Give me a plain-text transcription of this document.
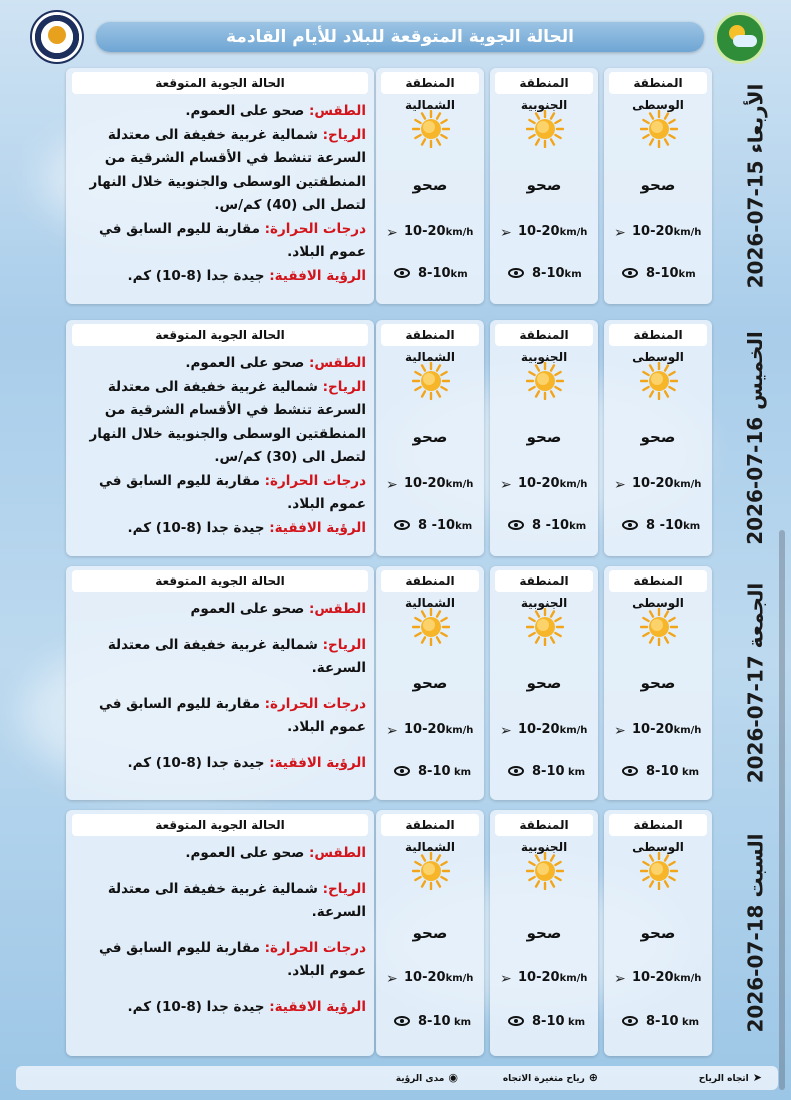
الحالة الجوية المتوقعة للبلاد للأيام القادمة
الأربعاء 15-07-2026
المنطقة الوسطى
صحو
➢ 10-20km/h
8-10km
المنطقة الجنوبية
صحو
➢ 10-20km/h
8-10km
المنطقة الشمالية
صحو
➢ 10-20km/h
8-10km
الحالة الجوية المتوقعة
الطقس: صحو على العموم.
الرياح: شمالية غربية خفيفة الى معتدلة السرعة تنشط في الأقسام الشرقية من المنطقتين الوسطى والجنوبية خلال النهار لتصل الى (40) كم/س.
درجات الحرارة: مقاربة لليوم السابق في عموم البلاد.
الرؤية الافقية: جيدة جدا (8-10) كم.
الخميس 16-07-2026
المنطقة الوسطى
صحو
➢ 10-20km/h
8 -10km
المنطقة الجنوبية
صحو
➢ 10-20km/h
8 -10km
المنطقة الشمالية
صحو
➢ 10-20km/h
8 -10km
الحالة الجوية المتوقعة
الطقس: صحو على العموم.
الرياح: شمالية غربية خفيفة الى معتدلة السرعة تنشط في الأقسام الشرقية من المنطقتين الوسطى والجنوبية خلال النهار لتصل الى (30) كم/س.
درجات الحرارة: مقاربة لليوم السابق في عموم البلاد.
الرؤية الافقية: جيدة جدا (8-10) كم.
الجمعة 17-07-2026
المنطقة الوسطى
صحو
➢ 10-20km/h
8-10 km
المنطقة الجنوبية
صحو
➢ 10-20km/h
8-10 km
المنطقة الشمالية
صحو
➢ 10-20km/h
8-10 km
الحالة الجوية المتوقعة
الطقس: صحو على العموم
الرياح: شمالية غربية خفيفة الى معتدلة السرعة.
درجات الحرارة: مقاربة لليوم السابق في عموم البلاد.
الرؤية الافقية: جيدة جدا (8-10) كم.
السبت 18-07-2026
المنطقة الوسطى
صحو
➢ 10-20km/h
8-10 km
المنطقة الجنوبية
صحو
➢ 10-20km/h
8-10 km
المنطقة الشمالية
صحو
➢ 10-20km/h
8-10 km
الحالة الجوية المتوقعة
الطقس: صحو على العموم.
الرياح: شمالية غربية خفيفة الى معتدلة السرعة.
درجات الحرارة: مقاربة لليوم السابق في عموم البلاد.
الرؤية الافقية: جيدة جدا (8-10) كم.
➤اتجاه الرياح
⊕رياح متغيرة الاتجاه
◉مدى الرؤية
